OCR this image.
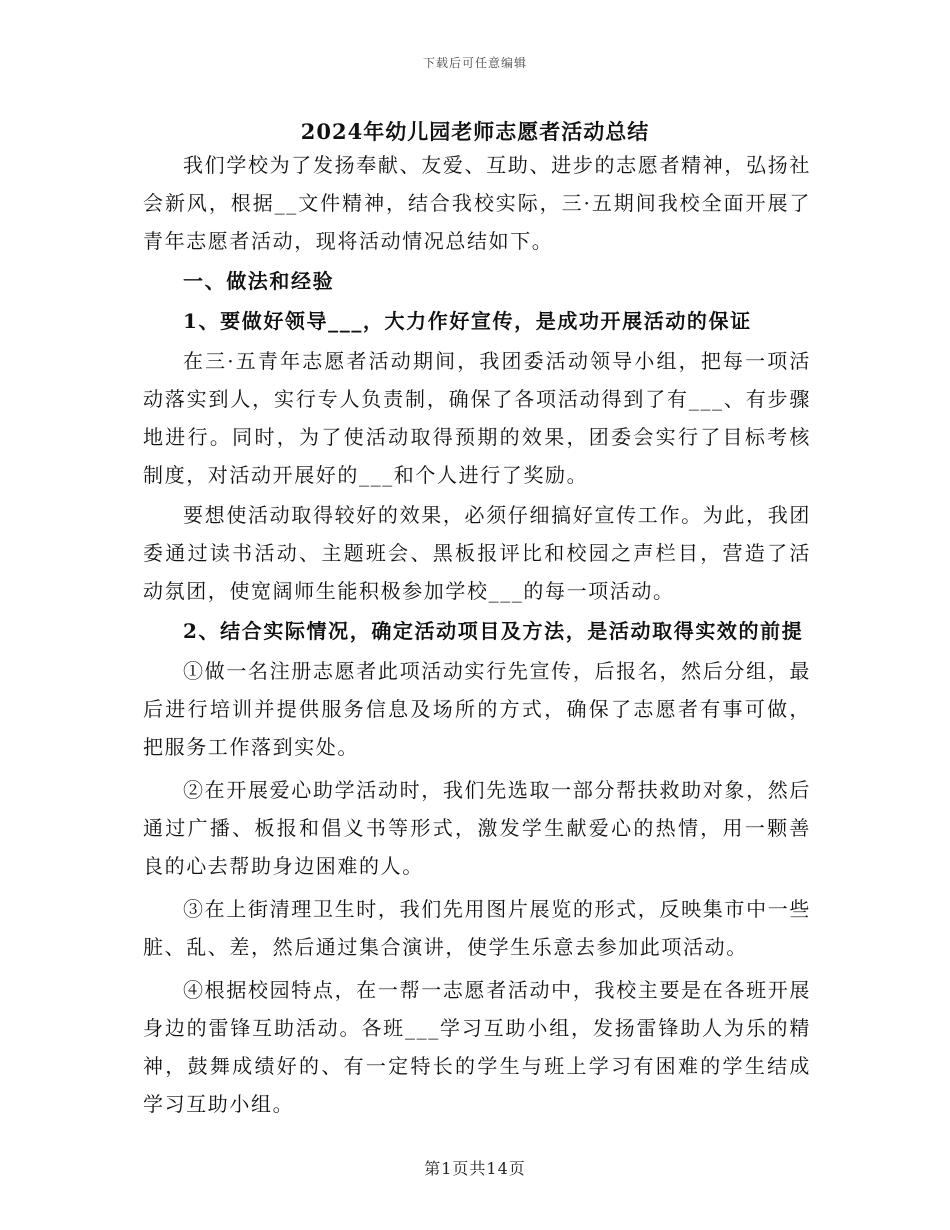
下载后可任意编辑
2024年幼儿园老师志愿者活动总结

我们学校为了发扬奉献、友爱、互助、进步的志愿者精神，弘扬社会新风，根据__文件精神，结合我校实际，三·五期间我校全面开展了青年志愿者活动，现将活动情况总结如下。

一、做法和经验

1、要做好领导___，大力作好宣传，是成功开展活动的保证

在三·五青年志愿者活动期间，我团委活动领导小组，把每一项活动落实到人，实行专人负责制，确保了各项活动得到了有___、有步骤地进行。同时，为了使活动取得预期的效果，团委会实行了目标考核制度，对活动开展好的___和个人进行了奖励。

要想使活动取得较好的效果，必须仔细搞好宣传工作。为此，我团委通过读书活动、主题班会、黑板报评比和校园之声栏目，营造了活动氛团，使宽阔师生能积极参加学校___的每一项活动。

2、结合实际情况，确定活动项目及方法，是活动取得实效的前提

①做一名注册志愿者此项活动实行先宣传，后报名，然后分组，最后进行培训并提供服务信息及场所的方式，确保了志愿者有事可做，把服务工作落到实处。

②在开展爱心助学活动时，我们先选取一部分帮扶救助对象，然后通过广播、板报和倡义书等形式，激发学生献爱心的热情，用一颗善良的心去帮助身边困难的人。

③在上街清理卫生时，我们先用图片展览的形式，反映集市中一些脏、乱、差，然后通过集合演讲，使学生乐意去参加此项活动。

④根据校园特点，在一帮一志愿者活动中，我校主要是在各班开展身边的雷锋互助活动。各班___学习互助小组，发扬雷锋助人为乐的精神，鼓舞成绩好的、有一定特长的学生与班上学习有困难的学生结成学习互助小组。

第1页共14页
